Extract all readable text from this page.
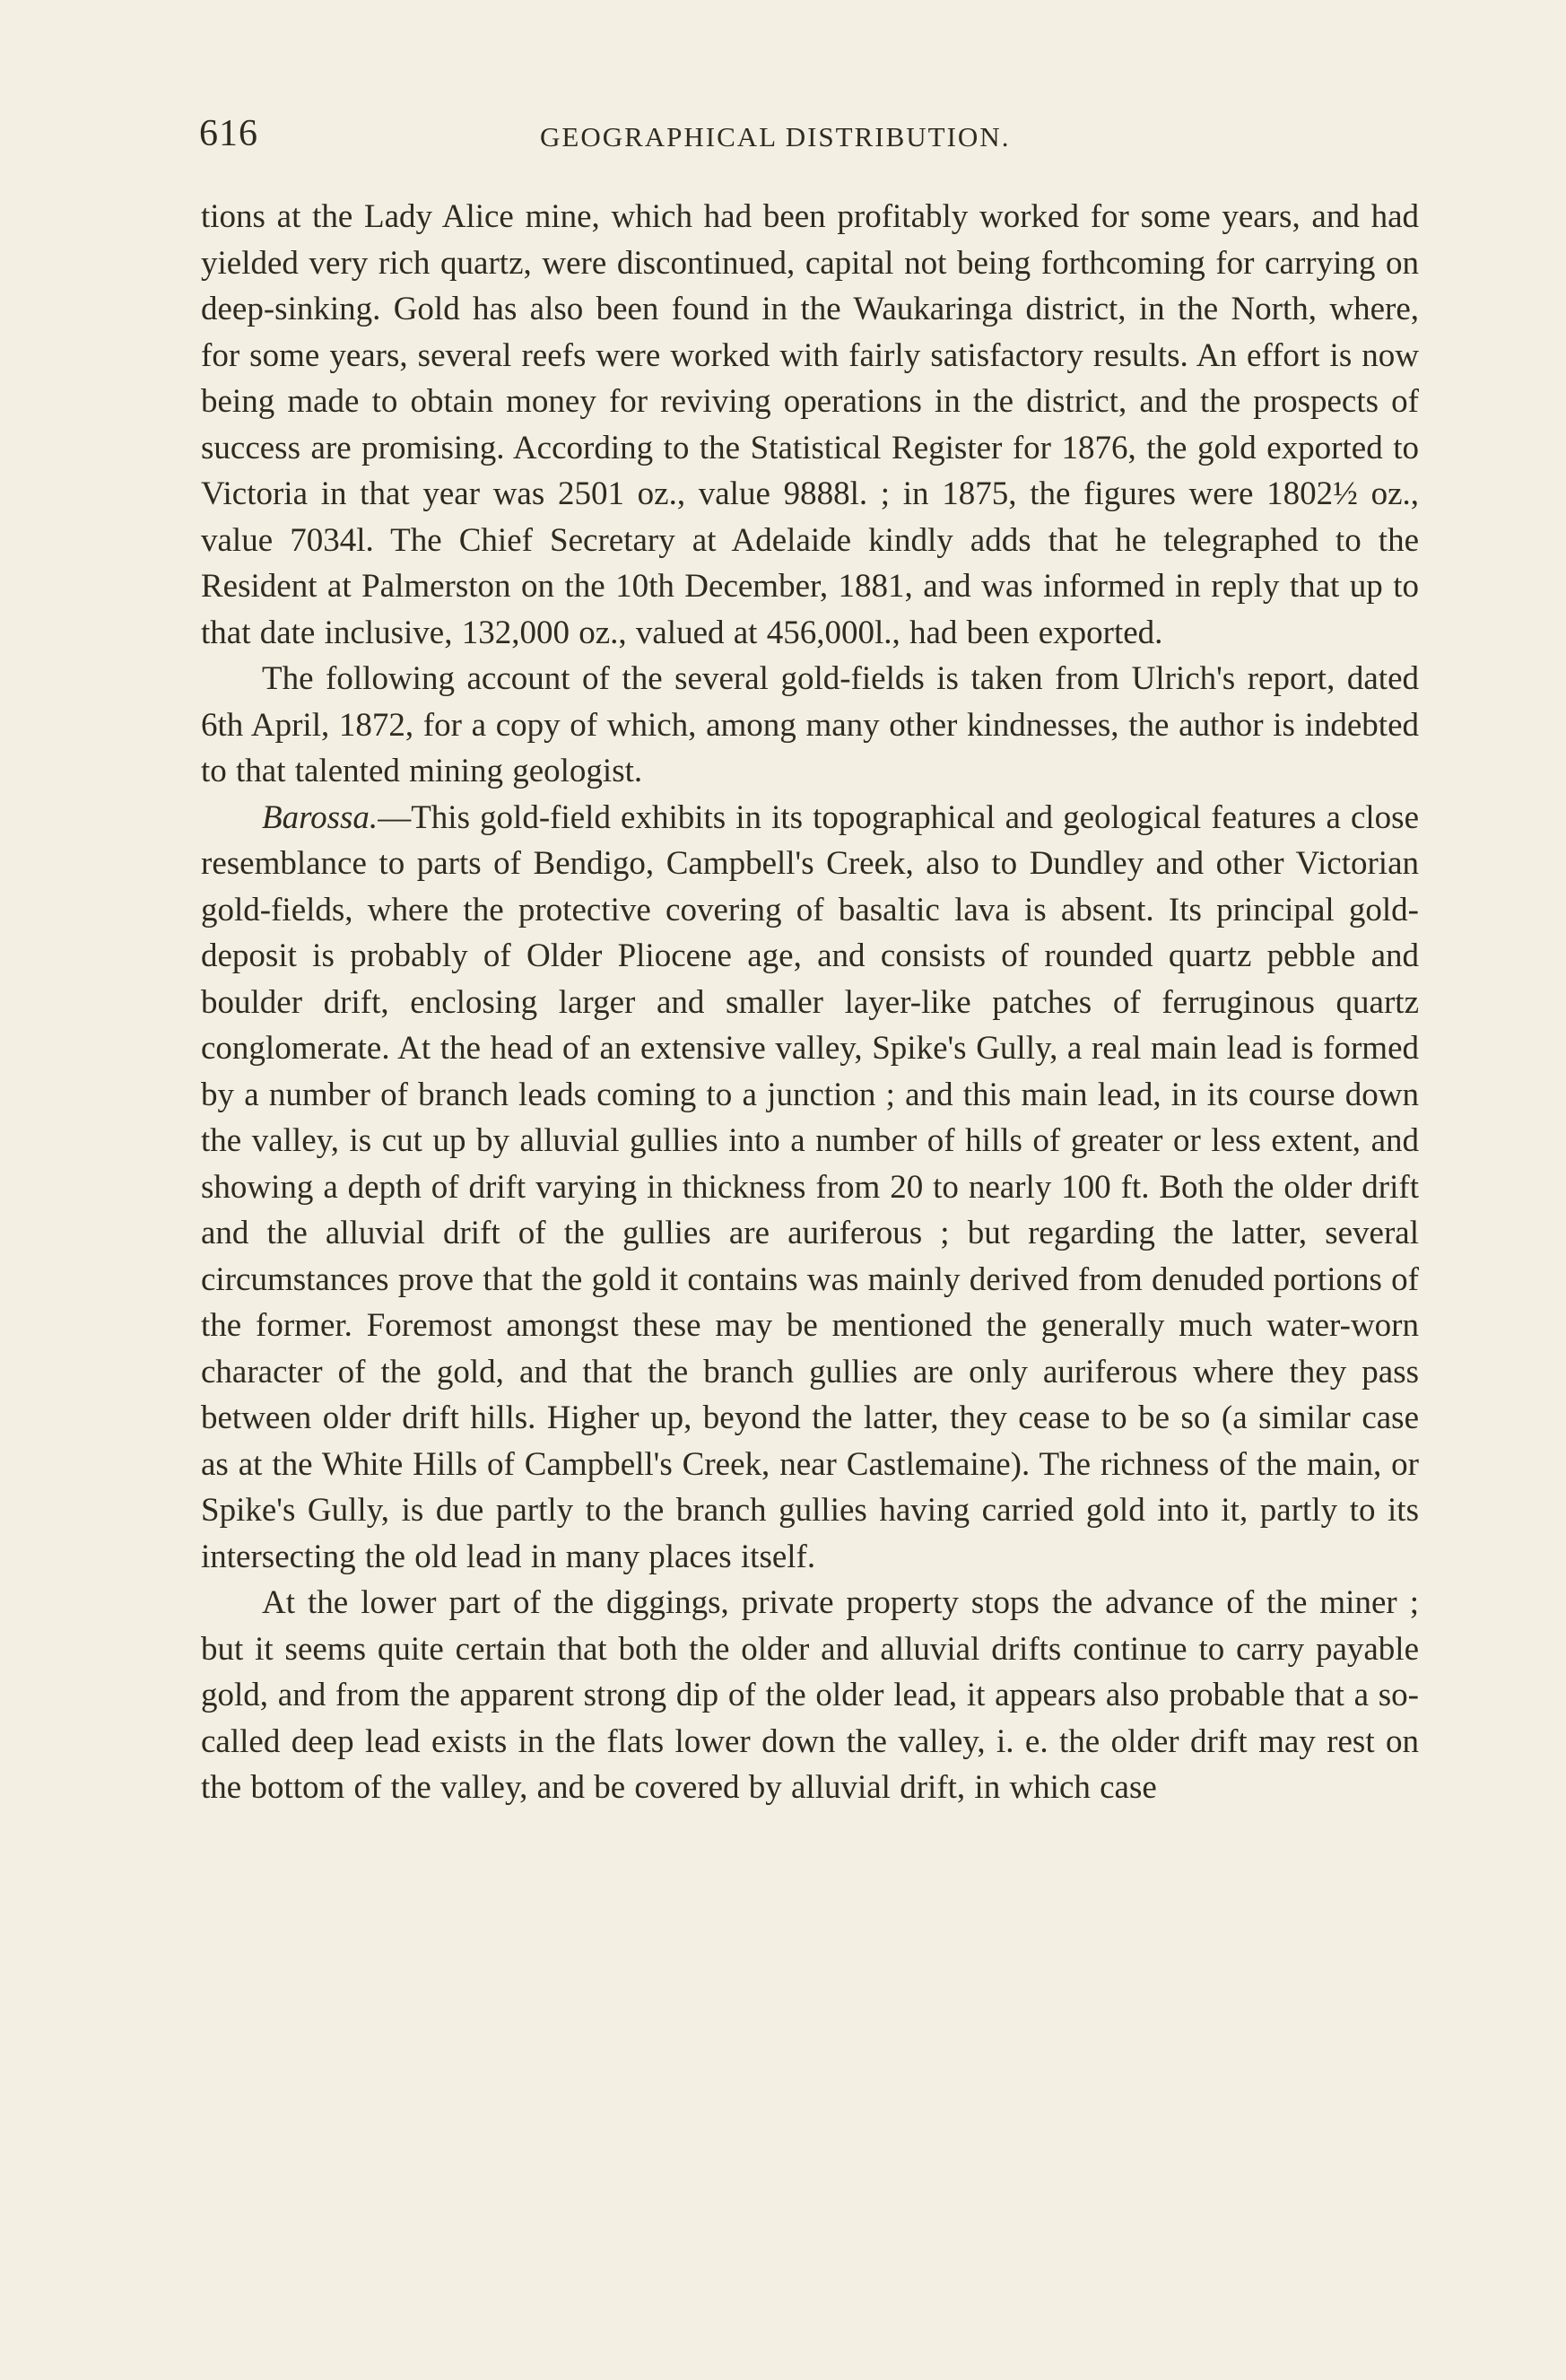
616	GEOGRAPHICAL DISTRIBUTION.

tions at the Lady Alice mine, which had been profitably worked for some years, and had yielded very rich quartz, were discontinued, capital not being forthcoming for carrying on deep-sinking. Gold has also been found in the Waukaringa district, in the North, where, for some years, several reefs were worked with fairly satisfactory results. An effort is now being made to obtain money for reviving operations in the district, and the prospects of success are promising. According to the Statistical Register for 1876, the gold exported to Victoria in that year was 2501 oz., value 9888l. ; in 1875, the figures were 1802½ oz., value 7034l. The Chief Secretary at Adelaide kindly adds that he telegraphed to the Resident at Palmerston on the 10th December, 1881, and was informed in reply that up to that date inclusive, 132,000 oz., valued at 456,000l., had been exported.

The following account of the several gold-fields is taken from Ulrich's report, dated 6th April, 1872, for a copy of which, among many other kindnesses, the author is indebted to that talented mining geologist.

Barossa.—This gold-field exhibits in its topographical and geological features a close resemblance to parts of Bendigo, Campbell's Creek, also to Dundley and other Victorian gold-fields, where the protective covering of basaltic lava is absent. Its principal gold-deposit is probably of Older Pliocene age, and consists of rounded quartz pebble and boulder drift, enclosing larger and smaller layer-like patches of ferruginous quartz conglomerate. At the head of an extensive valley, Spike's Gully, a real main lead is formed by a number of branch leads coming to a junction ; and this main lead, in its course down the valley, is cut up by alluvial gullies into a number of hills of greater or less extent, and showing a depth of drift varying in thickness from 20 to nearly 100 ft. Both the older drift and the alluvial drift of the gullies are auriferous ; but regarding the latter, several circumstances prove that the gold it contains was mainly derived from denuded portions of the former. Foremost amongst these may be mentioned the generally much water-worn character of the gold, and that the branch gullies are only auriferous where they pass between older drift hills. Higher up, beyond the latter, they cease to be so (a similar case as at the White Hills of Campbell's Creek, near Castlemaine). The richness of the main, or Spike's Gully, is due partly to the branch gullies having carried gold into it, partly to its intersecting the old lead in many places itself.

At the lower part of the diggings, private property stops the advance of the miner ; but it seems quite certain that both the older and alluvial drifts continue to carry payable gold, and from the apparent strong dip of the older lead, it appears also probable that a so-called deep lead exists in the flats lower down the valley, i. e. the older drift may rest on the bottom of the valley, and be covered by alluvial drift, in which case
